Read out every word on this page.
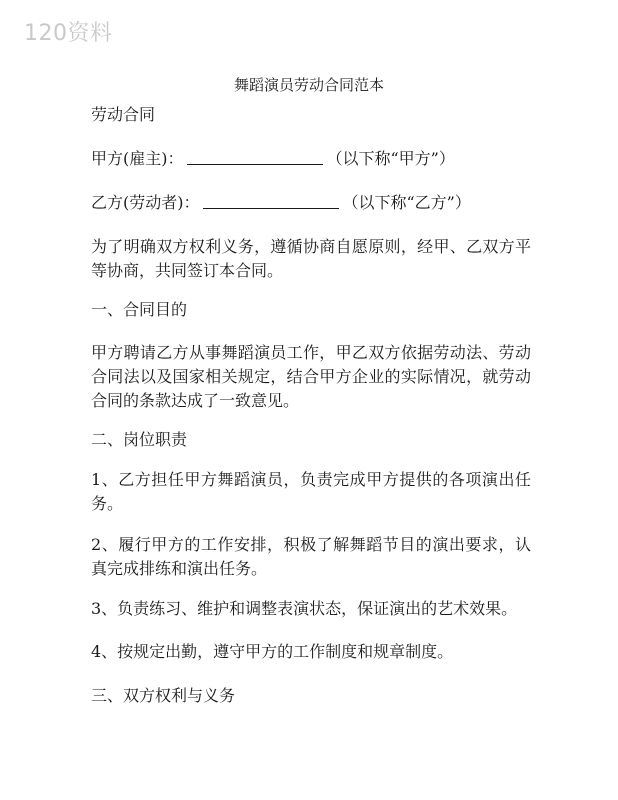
120资料
舞蹈演员劳动合同范本
劳动合同
甲方(雇主)：	（以下称“甲方”）
乙方(劳动者)：	（以下称“乙方”）
为了明确双方权利义务，遵循协商自愿原则，经甲、乙双方平等协商，共同签订本合同。
一、合同目的
甲方聘请乙方从事舞蹈演员工作，甲乙双方依据劳动法、劳动合同法以及国家相关规定，结合甲方企业的实际情况，就劳动合同的条款达成了一致意见。
二、岗位职责
1、乙方担任甲方舞蹈演员，负责完成甲方提供的各项演出任务。
2、履行甲方的工作安排，积极了解舞蹈节目的演出要求，认真完成排练和演出任务。
3、负责练习、维护和调整表演状态，保证演出的艺术效果。
4、按规定出勤，遵守甲方的工作制度和规章制度。
三、双方权利与义务
